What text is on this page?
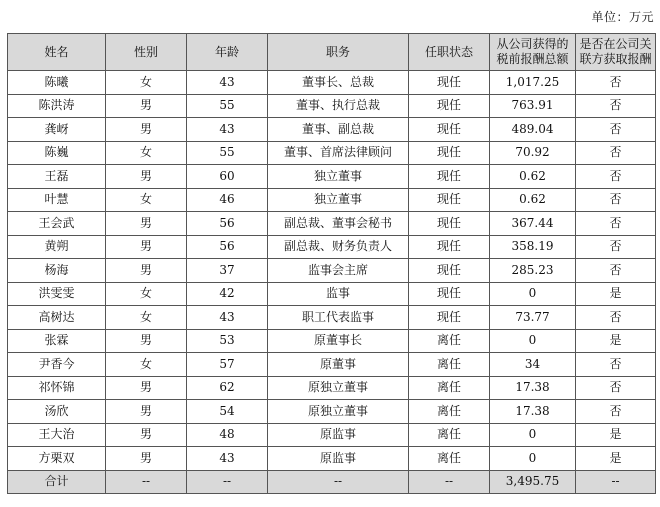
单位：万元
姓名	性别	年龄	职务	任职状态	从公司获得的税前报酬总额	是否在公司关联方获取报酬
陈曦	女	43	董事长、总裁	现任	1,017.25	否
陈洪涛	男	55	董事、执行总裁	现任	763.91	否
龚岈	男	43	董事、副总裁	现任	489.04	否
陈巍	女	55	董事、首席法律顾问	现任	70.92	否
王磊	男	60	独立董事	现任	0.62	否
叶慧	女	46	独立董事	现任	0.62	否
王会武	男	56	副总裁、董事会秘书	现任	367.44	否
黄朔	男	56	副总裁、财务负责人	现任	358.19	否
杨海	男	37	监事会主席	现任	285.23	否
洪雯雯	女	42	监事	现任	0	是
高树达	女	43	职工代表监事	现任	73.77	否
张霖	男	53	原董事长	离任	0	是
尹香今	女	57	原董事	离任	34	否
祁怀锦	男	62	原独立董事	离任	17.38	否
汤欣	男	54	原独立董事	离任	17.38	否
王大治	男	48	原监事	离任	0	是
方栗双	男	43	原监事	离任	0	是
合计	--	--	--	--	3,495.75	--
